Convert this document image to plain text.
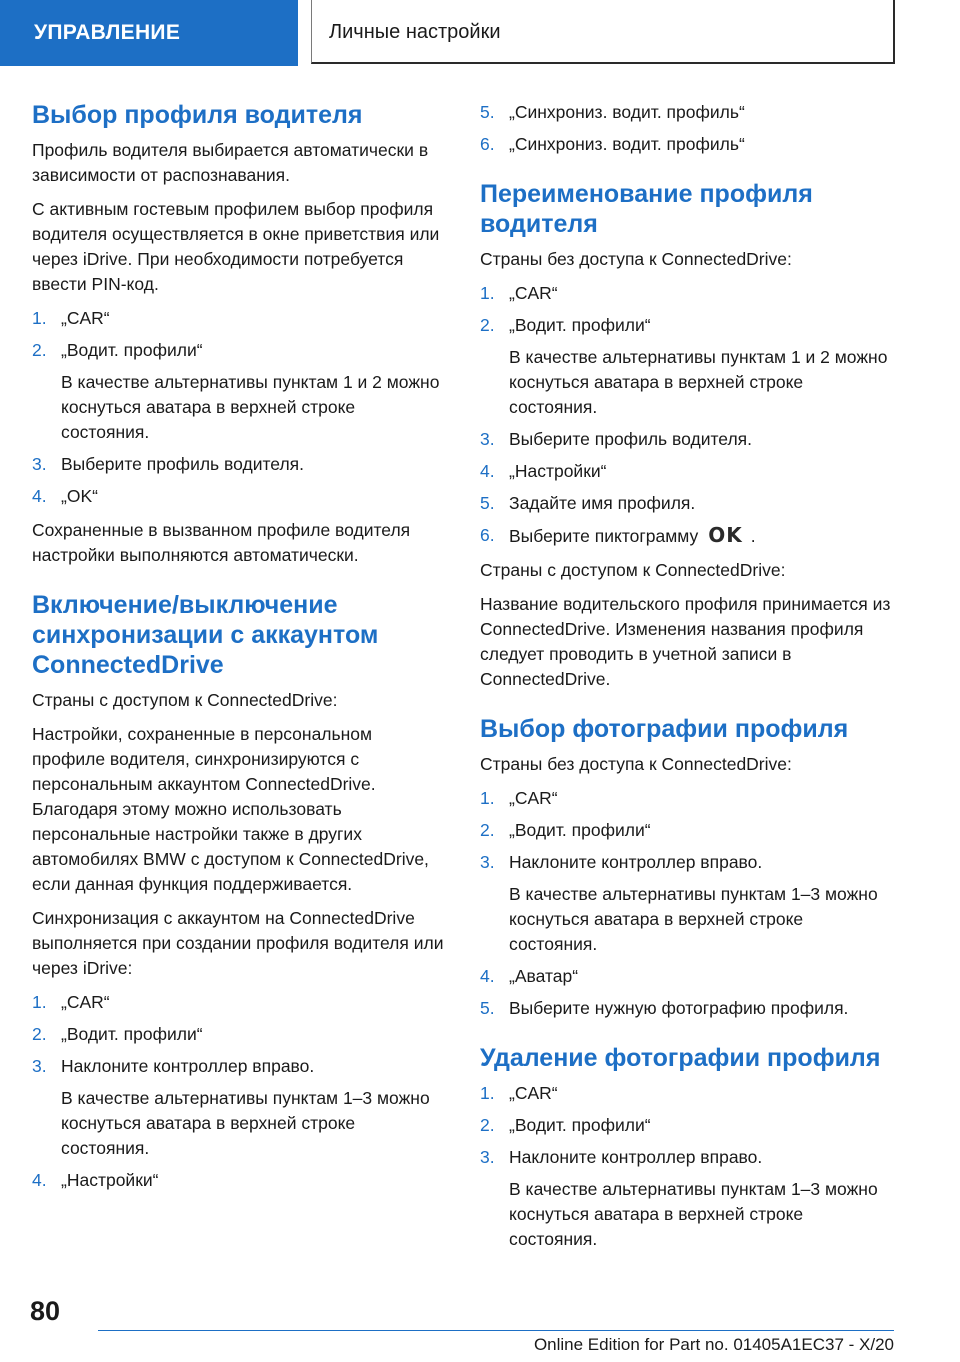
УПРАВЛЕНИЕ	Личные настройки
Выбор профиля водителя

Профиль водителя выбирается автоматически в зависимости от распознавания.

С активным гостевым профилем выбор профиля водителя осуществляется в окне приветствия или через iDrive. При необходимости потребуется ввести PIN-код.

1. „CAR“
2. „Водит. профили“
В качестве альтернативы пунктам 1 и 2 можно коснуться аватара в верхней строке состояния.
3. Выберите профиль водителя.
4. „OK“

Сохраненные в вызванном профиле водителя настройки выполняются автоматически.

Включение/выключение синхронизации с аккаунтом ConnectedDrive

Страны с доступом к ConnectedDrive:

Настройки, сохраненные в персональном профиле водителя, синхронизируются с персональным аккаунтом ConnectedDrive. Благодаря этому можно использовать персональные настройки также в других автомобилях BMW с доступом к ConnectedDrive, если данная функция поддерживается.

Синхронизация с аккаунтом на ConnectedDrive выполняется при создании профиля водителя или через iDrive:

1. „CAR“
2. „Водит. профили“
3. Наклоните контроллер вправо.
В качестве альтернативы пунктам 1–3 можно коснуться аватара в верхней строке состояния.
4. „Настройки“
5. „Синхрониз. водит. профиль“
6. „Синхрониз. водит. профиль“
Переименование профиля водителя

Страны без доступа к ConnectedDrive:

1. „CAR“
2. „Водит. профили“
В качестве альтернативы пунктам 1 и 2 можно коснуться аватара в верхней строке состояния.
3. Выберите профиль водителя.
4. „Настройки“
5. Задайте имя профиля.
6. Выберите пиктограмму OK .

Страны с доступом к ConnectedDrive:

Название водительского профиля принимается из ConnectedDrive. Изменения названия профиля следует проводить в учетной записи в ConnectedDrive.

Выбор фотографии профиля

Страны без доступа к ConnectedDrive:

1. „CAR“
2. „Водит. профили“
3. Наклоните контроллер вправо.
В качестве альтернативы пунктам 1–3 можно коснуться аватара в верхней строке состояния.
4. „Аватар“
5. Выберите нужную фотографию профиля.
Удаление фотографии профиля
1. „CAR“
2. „Водит. профили“
3. Наклоните контроллер вправо.
В качестве альтернативы пунктам 1–3 можно коснуться аватара в верхней строке состояния.
80
Online Edition for Part no. 01405A1EC37 - X/20
